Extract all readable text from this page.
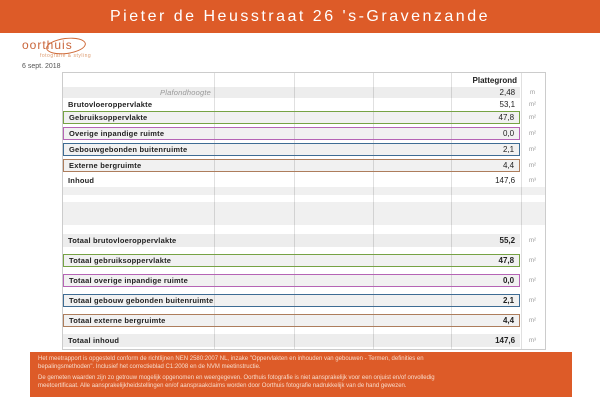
Pieter de Heusstraat 26 's-Gravenzande
oorthuis
fotografie & styling
6 sept. 2018
Plattegrond
Plafondhoogte	2,48	m
Brutovloeroppervlakte	53,1	m²
Gebruiksoppervlakte	47,8	m²
Overige inpandige ruimte	0,0	m²
Gebouwgebonden buitenruimte	2,1	m²
Externe bergruimte	4,4	m²
Inhoud	147,6	m³
Totaal brutovloeroppervlakte	55,2	m²
Totaal gebruiksoppervlakte	47,8	m²
Totaal overige inpandige ruimte	0,0	m²
Totaal gebouw gebonden buitenruimte	2,1	m²
Totaal externe bergruimte	4,4	m²
Totaal inhoud	147,6	m³

Het meetrapport is opgesteld conform de richtlijnen NEN 2580:2007 NL, inzake "Oppervlakten en inhouden van gebouwen - Termen, definities en bepalingsmethoden". Inclusief het correctieblad C1:2008 en de NVM meetinstructie.

De gemeten waarden zijn zo getrouw mogelijk opgenomen en weergegeven. Oorthuis fotografie is niet aansprakelijk voor een onjuist en/of onvolledig meetcertificaat. Alle aansprakelijkheidstellingen en/of aanspraakclaims worden door Oorthuis fotografie nadrukkelijk van de hand gewezen.
